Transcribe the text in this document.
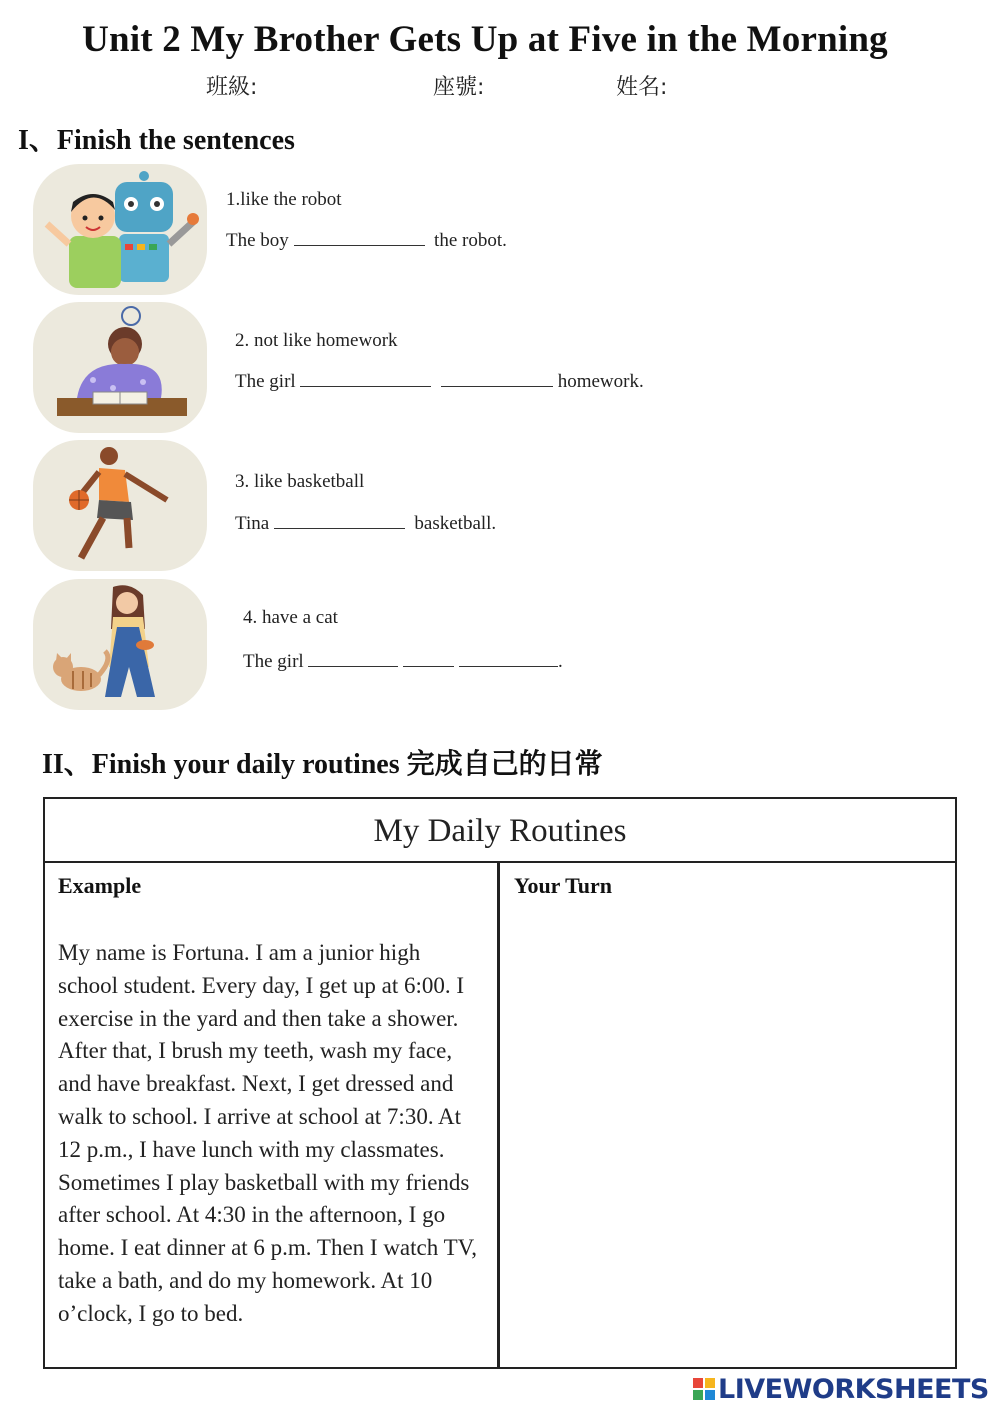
Unit 2 My Brother Gets Up at Five in the Morning
班級:	座號:	姓名:
I、Finish the sentences
1.like the robot
The boy	the robot.
2. not like homework
The girl	homework.
3. like basketball
Tina	basketball.
4. have a cat
The girl	.
II、Finish your daily routines 完成自己的日常
My Daily Routines
Example
My name is Fortuna. I am a junior high school student. Every day, I get up at 6:00. I exercise in the yard and then take a shower. After that, I brush my teeth, wash my face, and have breakfast. Next, I get dressed and walk to school. I arrive at school at 7:30. At 12 p.m., I have lunch with my classmates. Sometimes I play basketball with my friends after school. At 4:30 in the afternoon, I go home. I eat dinner at 6 p.m. Then I watch TV, take a bath, and do my homework. At 10 o’clock, I go to bed.
Your Turn
LIVEWORKSHEETS
